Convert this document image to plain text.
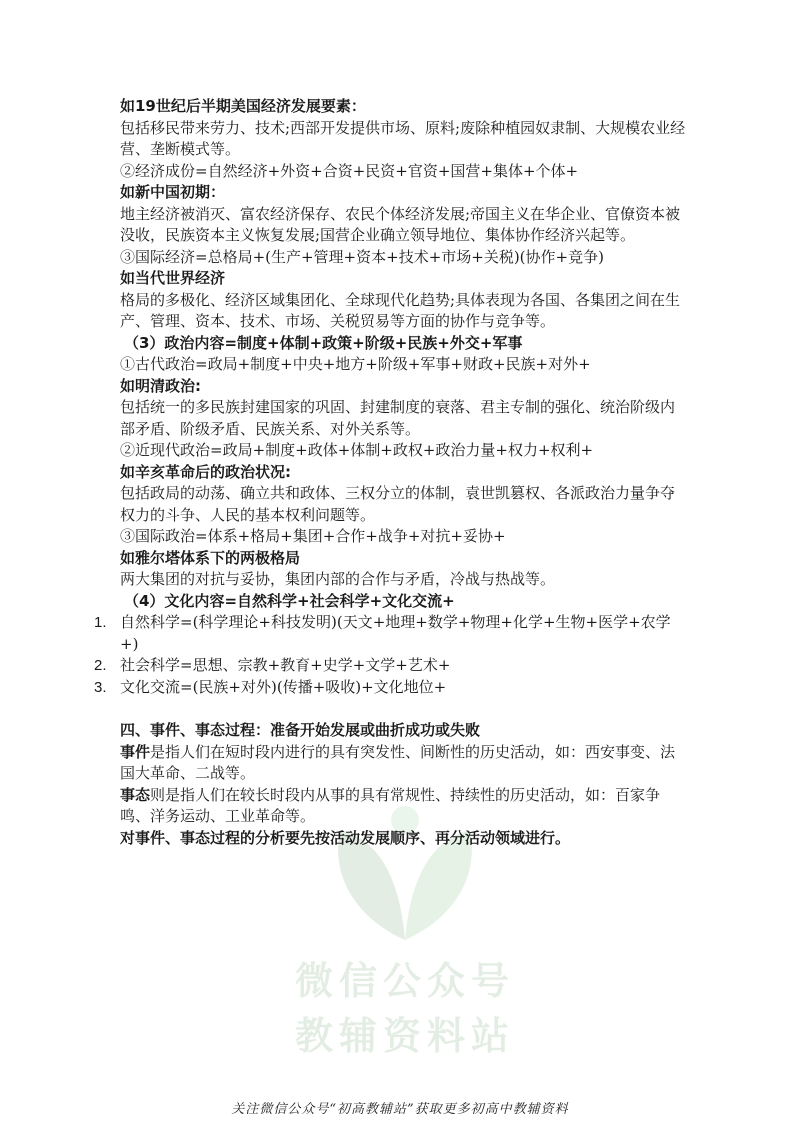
微信公众号
教辅资料站

如19世纪后半期美国经济发展要素：

包括移民带来劳力、技术;西部开发提供市场、原料;废除种植园奴隶制、大规模农业经营、垄断模式等。

②经济成份=自然经济+外资+合资+民资+官资+国营+集体+个体+

如新中国初期：

地主经济被消灭、富农经济保存、农民个体经济发展;帝国主义在华企业、官僚资本被没收，民族资本主义恢复发展;国营企业确立领导地位、集体协作经济兴起等。

③国际经济=总格局+(生产+管理+资本+技术+市场+关税)(协作+竞争)

如当代世界经济

格局的多极化、经济区域集团化、全球现代化趋势;具体表现为各国、各集团之间在生产、管理、资本、技术、市场、关税贸易等方面的协作与竞争等。

（3）政治内容=制度+体制+政策+阶级+民族+外交+军事

①古代政治=政局+制度+中央+地方+阶级+军事+财政+民族+对外+

如明清政治:

包括统一的多民族封建国家的巩固、封建制度的衰落、君主专制的强化、统治阶级内部矛盾、阶级矛盾、民族关系、对外关系等。

②近现代政治=政局+制度+政体+体制+政权+政治力量+权力+权利+

如辛亥革命后的政治状况:

包括政局的动荡、确立共和政体、三权分立的体制，袁世凯篡权、各派政治力量争夺权力的斗争、人民的基本权利问题等。

③国际政治=体系+格局+集团+合作+战争+对抗+妥协+

如雅尔塔体系下的两极格局

两大集团的对抗与妥协，集团内部的合作与矛盾，冷战与热战等。

（4）文化内容=自然科学+社会科学+文化交流+

1. 自然科学=(科学理论+科技发明)(天文+地理+数学+物理+化学+生物+医学+农学+)
2. 社会科学=思想、宗教+教育+史学+文学+艺术+
3. 文化交流=(民族+对外)(传播+吸收)+文化地位+

四、事件、事态过程：准备开始发展或曲折成功或失败

事件是指人们在短时段内进行的具有突发性、间断性的历史活动，如：西安事变、法国大革命、二战等。

事态则是指人们在较长时段内从事的具有常规性、持续性的历史活动，如：百家争鸣、洋务运动、工业革命等。

对事件、事态过程的分析要先按活动发展顺序、再分活动领域进行。

关注微信公众号“初高教辅站”获取更多初高中教辅资料
